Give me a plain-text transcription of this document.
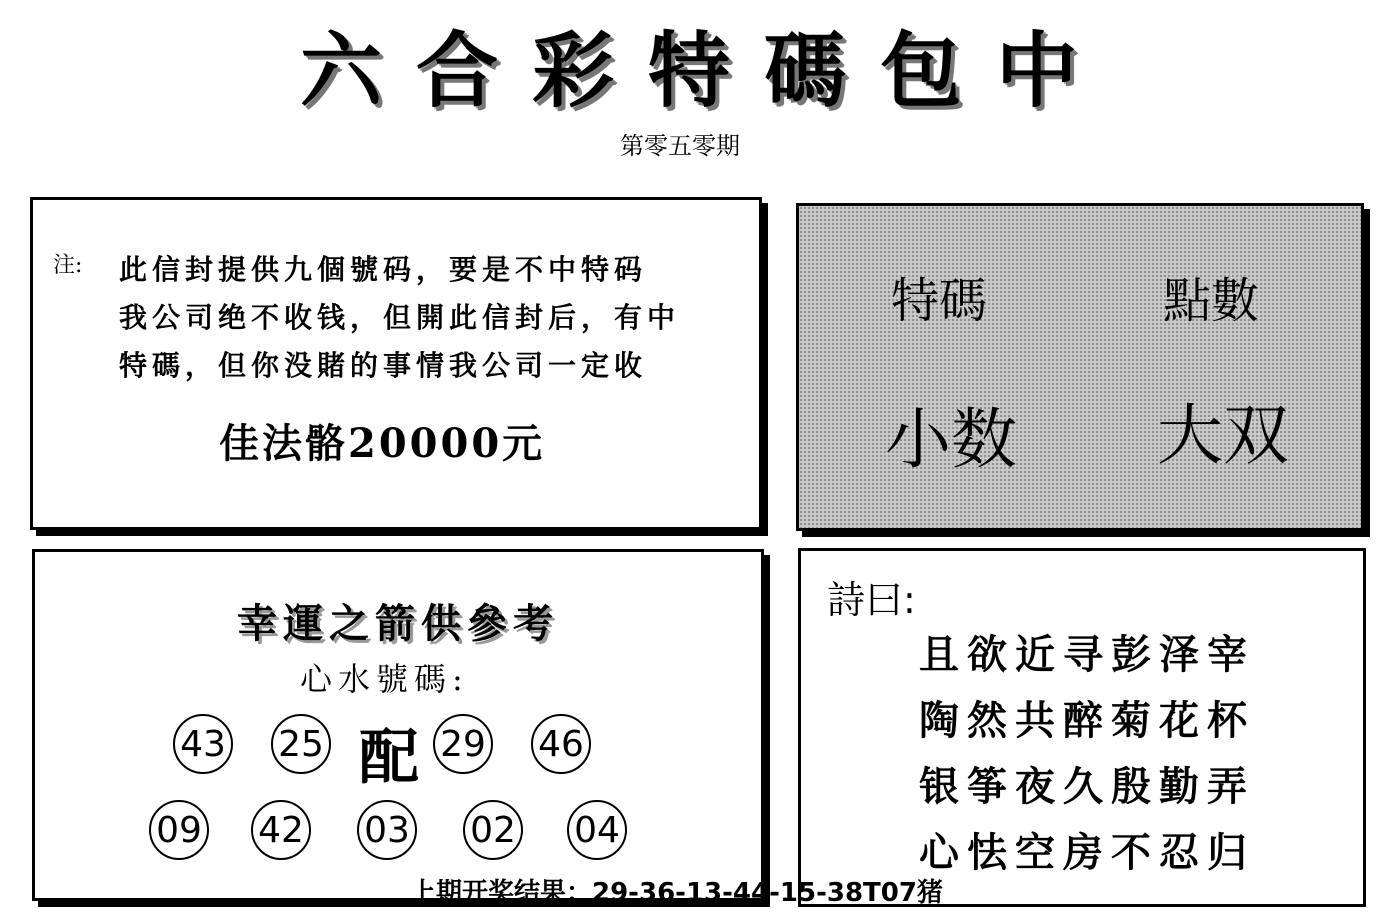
六 合 彩 特 碼 包 中
第零五零期
注: 此信封提供九個號码，要是不中特码
我公司绝不收钱，但開此信封后，有中
特碼，但你没賭的事情我公司一定收
佳法骼20000元
特碼	點數
小数 大双
幸運之箭供參考
心水號碼:
43 25 配 29 46
09 42 03 02 04
詩曰:
且欲近寻彭泽宰
陶然共醉菊花杯
银筝夜久殷勤弄
心怯空房不忍归
上期开奖结果：29-36-13-44-15-38T07猪
